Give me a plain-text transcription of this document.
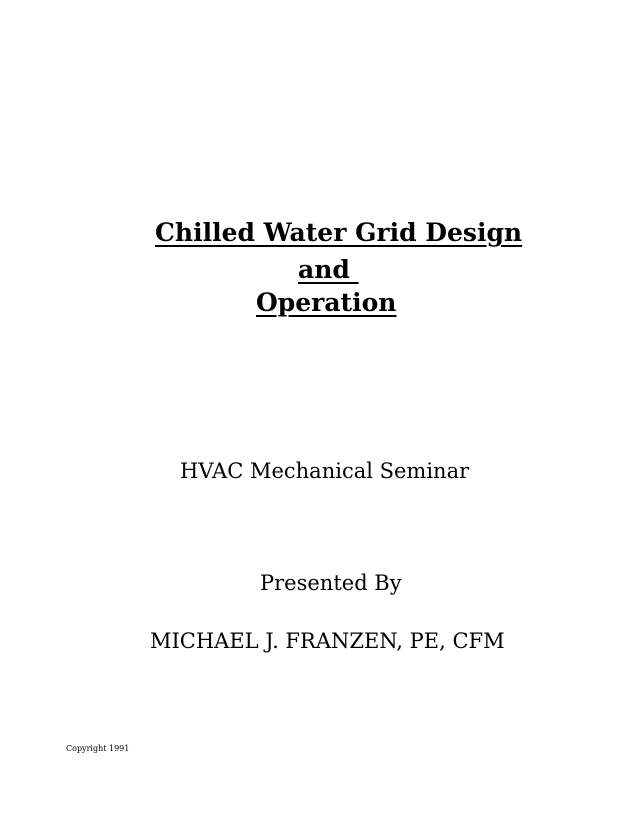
Chilled Water Grid Design
and
Operation
HVAC Mechanical Seminar
Presented By
MICHAEL J. FRANZEN, PE, CFM
Copyright 1991
